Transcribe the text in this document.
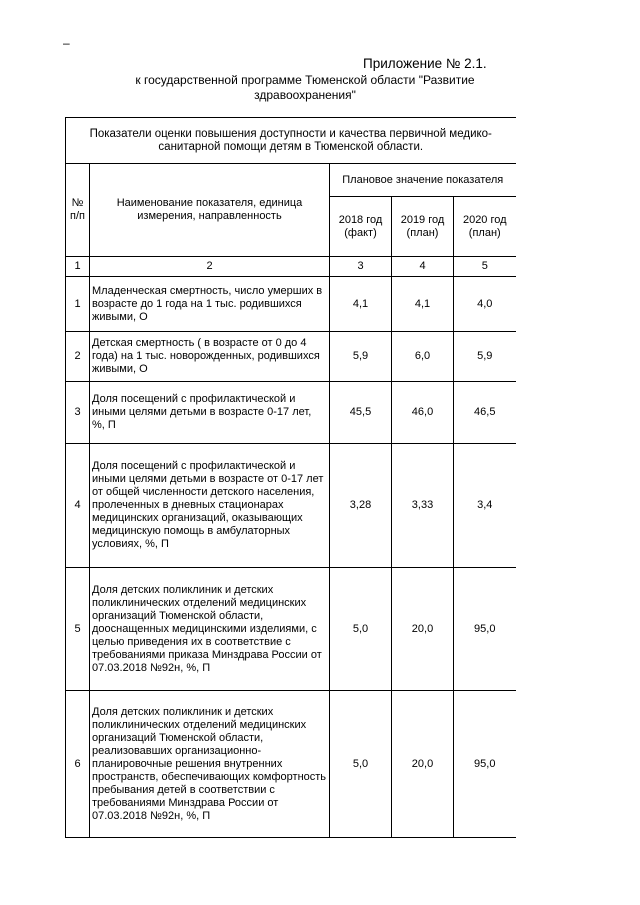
–
Приложение № 2.1.
к государственной программе Тюменской области "Развитие здравоохранения"
Показатели оценки повышения доступности и качества первичной медико-санитарной помощи детям в Тюменской области.				
№ п/п	Наименование показателя, единица измерения, направленность	Плановое значение показателя		
		2018 год (факт)	2019 год (план)	2020 год (план)
1	2	3	4	5
1	Младенческая смертность, число умерших в возрасте до 1 года на 1 тыс. родившихся живыми, О	4,1	4,1	4,0
2	Детская смертность ( в возрасте от 0 до 4 года) на 1 тыс. новорожденных, родившихся живыми, О	5,9	6,0	5,9
3	Доля посещений с профилактической и иными целями детьми в возрасте 0-17 лет, %, П	45,5	46,0	46,5
4	Доля посещений с профилактической и иными целями детьми в возрасте от 0-17 лет от общей численности детского населения, пролеченных в дневных стационарах медицинских организаций, оказывающих медицинскую помощь в амбулаторных условиях, %, П	3,28	3,33	3,4
5	Доля детских поликлиник и детских поликлинических отделений медицинских организаций Тюменской области, дооснащенных медицинскими изделиями, с целью приведения их в соответствие с требованиями приказа Минздрава России от 07.03.2018 №92н, %, П	5,0	20,0	95,0
6	Доля детских поликлиник и детских поликлинических отделений медицинских организаций Тюменской области, реализовавших организационно-планировочные решения внутренних пространств, обеспечивающих комфортность пребывания детей в соответствии с требованиями Минздрава России от 07.03.2018 №92н, %, П	5,0	20,0	95,0
